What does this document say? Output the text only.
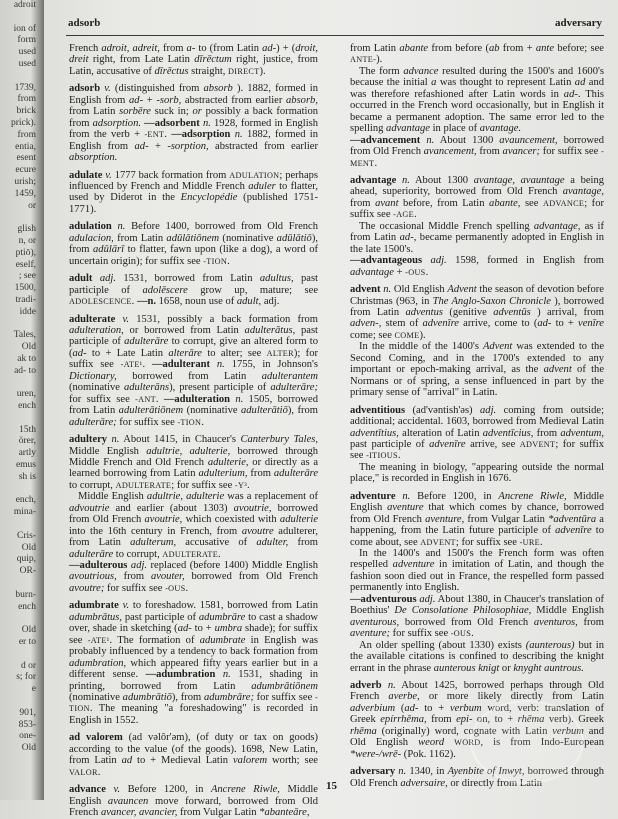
adroit

ion of
form
used
used

1739,
from
brick
prick).
from
entia,
esent
ecure
urish;
1459,
or

glish
n, or
ptiō),
eself,
; see
1500,
tradi-
idde

Tales,
Old
ak to
ad- to

uren,
ench

15th
örer,
artly
emus
sh is

ench,
mina-

Cris-
Old
quip,
OR-

burn-
ench

Old
er to

d or
s; for
e

901,
853-
one-
Old
adsorb	adversary

French adroit, adreit, from a- to (from Latin ad-) + (droit, dreit right, from Late Latin dīrēctum right, justice, from Latin, accusative of dīrēctus straight, DIRECT).

adsorb v. (distinguished from absorb ). 1882, formed in English from ad- + -sorb, abstracted from earlier absorb, from Latin sorbēre suck in; or possibly a back formation from adsorption. —adsorbent n. 1928, formed in English from the verb + -ENT. —adsorption n. 1882, formed in English from ad- + -sorption, abstracted from earlier absorption.

adulate v. 1777 back formation from ADULATION; perhaps influenced by French and Middle French aduler to flatter, used by Diderot in the Encyclopédie (published 1751-1771).

adulation n. Before 1400, borrowed from Old French adulacion, from Latin adūlātiōnem (nominative adūlātiō), from adūlārī to flatter, fawn upon (like a dog), a word of uncertain origin); for suffix see -TION.

adult adj. 1531, borrowed from Latin adultus, past participle of adolēscere grow up, mature; see ADOLESCENCE. —n. 1658, noun use of adult, adj.

adulterate v. 1531, possibly a back formation from adulteration, or borrowed from Latin adulterātus, past participle of adulterāre to corrupt, give an altered form to (ad- to + Late Latin alterāre to alter; see ALTER); for suffix see -ATE¹. —adulterant n. 1755, in Johnson's Dictionary, borrowed from Latin adulterantem (nominative adulterāns), present participle of adulterāre; for suffix see -ANT. —adulteration n. 1505, borrowed from Latin adulterātiōnem (nominative adulterātiō), from adulterāre; for suffix see -TION.

adultery n. About 1415, in Chaucer's Canterbury Tales, Middle English adultrie, adulterie, borrowed through Middle French and Old French adulterie, or directly as a learned borrowing from Latin adulterium, from adulterāre to corrupt, ADULTERATE; for suffix see -Y³.

Middle English adultrie, adulterie was a replacement of advoutrie and earlier (about 1303) avoutrie, borrowed from Old French avoutrie, which coexisted with adulterie into the 16th century in French, from avoutre adulterer, from Latin adulterum, accusative of adulter, from adulterāre to corrupt, ADULTERATE.

—adulterous adj. replaced (before 1400) Middle English avoutrious, from avouter, borrowed from Old French avoutre; for suffix see -OUS.

adumbrate v. to foreshadow. 1581, borrowed from Latin adumbrātus, past participle of adumbrāre to cast a shadow over, shade in sketching (ad- to + umbra shade); for suffix see -ATE¹. The formation of adumbrate in English was probably influenced by a tendency to back formation from adumbration, which appeared fifty years earlier but in a different sense. —adumbration n. 1531, shading in printing, borrowed from Latin adumbrātiōnem (nominative adumbrātiō), from adumbrāre; for suffix see -TION. The meaning "a foreshadowing" is recorded in English in 1552.

ad valorem (ad vəlôr'əm), (of duty or tax on goods) according to the value (of the goods). 1698, New Latin, from Latin ad to + Medieval Latin valorem worth; see VALOR.

advance v. Before 1200, in Ancrene Riwle, Middle English avauncen move forward, borrowed from Old French avancer, avancier, from Vulgar Latin *abanteāre,

from Latin abante from before (ab from + ante before; see ANTE-).

The form advance resulted during the 1500's and 1600's because the initial a was thought to represent Latin ad and was therefore refashioned after Latin words in ad-. This occurred in the French word occasionally, but in English it became a permanent adoption. The same error led to the spelling advantage in place of avantage.

—advancement n. About 1300 avauncement, borrowed from Old French avancement, from avancer; for suffix see -MENT.

advantage n. About 1300 avantage, avauntage a being ahead, superiority, borrowed from Old French avantage, from avant before, from Latin abante, see ADVANCE; for suffix see -AGE.

The occasional Middle French spelling advantage, as if from Latin ad-, became permanently adopted in English in the late 1500's.

—advantageous adj. 1598, formed in English from advantage + -OUS.

advent n. Old English Advent the season of devotion before Christmas (963, in The Anglo-Saxon Chronicle ), borrowed from Latin adventus (genitive adventūs ) arrival, from adven-, stem of advenīre arrive, come to (ad- to + venīre come; see COME).

In the middle of the 1400's Advent was extended to the Second Coming, and in the 1700's extended to any important or epoch-making arrival, as the advent of the Normans or of spring, a sense influenced in part by the primary sense of "arrival" in Latin.

adventitious (ad'vəntish'əs) adj. coming from outside; additional; accidental. 1603, borrowed from Medieval Latin adventītius, alteration of Latin adventīcius, from adventum, past participle of advenīre arrive, see ADVENT; for suffix see -ITIOUS.

The meaning in biology, "appearing outside the normal place," is recorded in English in 1676.

adventure n. Before 1200, in Ancrene Riwle, Middle English aventure that which comes by chance, borrowed from Old French aventure, from Vulgar Latin *adventūra a happening, from the Latin future participle of advenīre to come about, see ADVENT; for suffix see -URE.

In the 1400's and 1500's the French form was often respelled adventure in imitation of Latin, and though the fashion soon died out in France, the respelled form passed permanently into English.

—adventurous adj. About 1380, in Chaucer's translation of Boethius' De Consolatione Philosophiae, Middle English aventurous, borrowed from Old French aventuros, from aventure; for suffix see -OUS.

An older spelling (about 1330) exists (aunterous) but in the available citations is confined to describing the knight errant in the phrase aunterous knigt or knyght auntrous.

adverb n. About 1425, borrowed perhaps through Old French averbe, or more likely directly from Latin adverbium (ad- to + verbum word, verb: translation of Greek epírrhēma, from epi- on, to + rhēma verb). Greek rhēma (originally) word, cognate with Latin verbum and Old English weord WORD, is from Indo-European *were-/wrē- (Pok. 1162).

adversary n. 1340, in Ayenbite of Inwyt, borrowed through Old French adversaire, or directly from Latin

15
